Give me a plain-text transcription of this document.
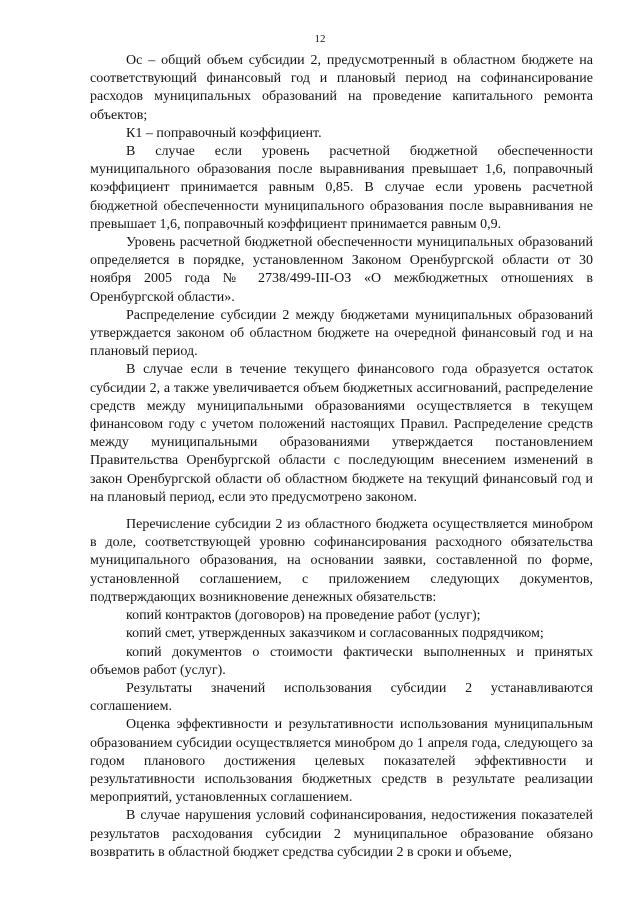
12

Ос – общий объем субсидии 2, предусмотренный в областном бюджете на соответствующий финансовый год и плановый период на софинансирование расходов муниципальных образований на проведение капитального ремонта объектов;

К1 – поправочный коэффициент.

В случае если уровень расчетной бюджетной обеспеченности муниципального образования после выравнивания превышает 1,6, поправочный коэффициент принимается равным 0,85. В случае если уровень расчетной бюджетной обеспеченности муниципального образования после выравнивания не превышает 1,6, поправочный коэффициент принимается равным 0,9.

Уровень расчетной бюджетной обеспеченности муниципальных образований определяется в порядке, установленном Законом Оренбургской области от 30 ноября 2005 года № 2738/499-III-ОЗ «О межбюджетных отношениях в Оренбургской области».

Распределение субсидии 2 между бюджетами муниципальных образований утверждается законом об областном бюджете на очередной финансовый год и на плановый период.

В случае если в течение текущего финансового года образуется остаток субсидии 2, а также увеличивается объем бюджетных ассигнований, распределение средств между муниципальными образованиями осуществляется в текущем финансовом году с учетом положений настоящих Правил. Распределение средств между муниципальными образованиями утверждается постановлением Правительства Оренбургской области с последующим внесением изменений в закон Оренбургской области об областном бюджете на текущий финансовый год и на плановый период, если это предусмотрено законом.

Перечисление субсидии 2 из областного бюджета осуществляется минобром в доле, соответствующей уровню софинансирования расходного обязательства муниципального образования, на основании заявки, составленной по форме, установленной соглашением, с приложением следующих документов, подтверждающих возникновение денежных обязательств:

копий контрактов (договоров) на проведение работ (услуг);

копий смет, утвержденных заказчиком и согласованных подрядчиком;

копий документов о стоимости фактически выполненных и принятых объемов работ (услуг).

Результаты значений использования субсидии 2 устанавливаются соглашением.

Оценка эффективности и результативности использования муниципальным образованием субсидии осуществляется минобром до 1 апреля года, следующего за годом планового достижения целевых показателей эффективности и результативности использования бюджетных средств в результате реализации мероприятий, установленных соглашением.

В случае нарушения условий софинансирования, недостижения показателей результатов расходования субсидии 2 муниципальное образование обязано возвратить в областной бюджет средства субсидии 2 в сроки и объеме,
